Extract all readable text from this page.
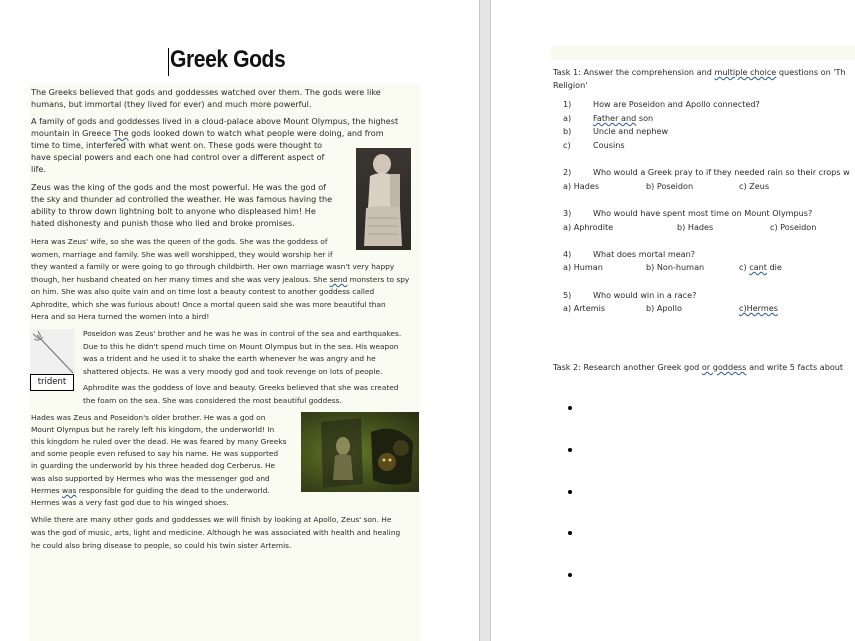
Greek Gods
The Greeks believed that gods and goddesses watched over them. The gods were like
humans, but immortal (they lived for ever) and much more powerful.
A family of gods and goddesses lived in a cloud-palace above Mount Olympus, the highest
mountain in Greece The gods looked down to watch what people were doing, and from
time to time, interfered with what went on. These gods were thought to
have special powers and each one had control over a different aspect of
life.
Zeus was the king of the gods and the most powerful. He was the god of
the sky and thunder ad controlled the weather. He was famous having the
ability to throw down lightning bolt to anyone who displeased him! He
hated dishonesty and punish those who lied and broke promises.
Hera was Zeus' wife, so she was the queen of the gods. She was the goddess of
women, marriage and family. She was well worshipped, they would worship her if
they wanted a family or were going to go through childbirth. Her own marriage wasn't very happy
though, her husband cheated on her many times and she was very jealous. She send monsters to spy
on him. She was also quite vain and on time lost a beauty contest to another goddess called
Aphrodite, which she was furious about! Once a mortal queen said she was more beautiful than
Hera and so Hera turned the women into a bird!
trident
Poseidon was Zeus' brother and he was he was in control of the sea and earthquakes.
Due to this he didn't spend much time on Mount Olympus but in the sea. His weapon
was a trident and he used it to shake the earth whenever he was angry and he
shattered objects. He was a very moody god and took revenge on lots of people.
Aphrodite was the goddess of love and beauty. Greeks believed that she was created
the foam on the sea. She was considered the most beautiful goddess.
Hades was Zeus and Poseidon's older brother. He was a god on
Mount Olympus but he rarely left his kingdom, the underworld! In
this kingdom he ruled over the dead. He was feared by many Greeks
and some people even refused to say his name. He was supported
in guarding the underworld by his three headed dog Cerberus. He
was also supported by Hermes who was the messenger god and
Hermes was responsible for guiding the dead to the underworld.
Hermes was a very fast god due to his winged shoes.
While there are many other gods and goddesses we will finish by looking at Apollo, Zeus' son. He
was the god of music, arts, light and medicine. Although he was associated with health and healing
he could also bring disease to people, so could his twin sister Artemis.
Task 1: Answer the comprehension and multiple choice questions on 'Th
Religion'
1)	How are Poseidon and Apollo connected?
a)	Father and son
b)	Uncle and nephew
c)	Cousins
2)	Who would a Greek pray to if they needed rain so their crops w
a) Hades	b) Poseidon	c) Zeus
3)	Who would have spent most time on Mount Olympus?
a) Aphrodite	b) Hades	c) Poseidon
4)	What does mortal mean?
a) Human	b) Non-human	c) cant die
5)	Who would win in a race?
a) Artemis	b) Apollo	c)Hermes
Task 2: Research another Greek god or goddess and write 5 facts about
